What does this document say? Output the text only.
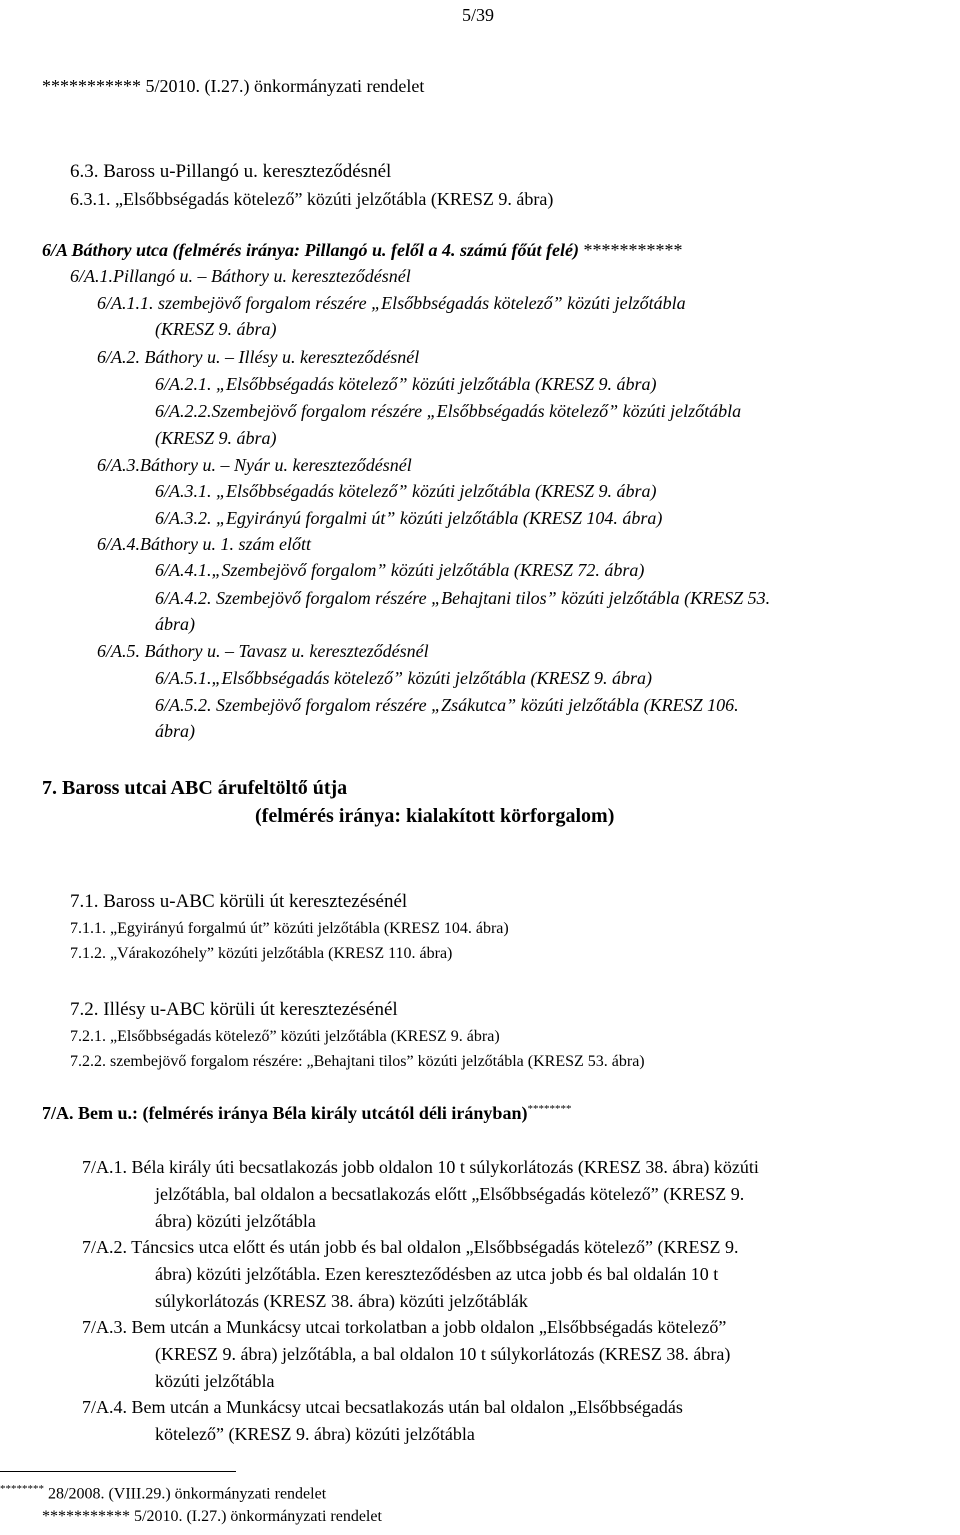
5/39
*********** 5/2010. (I.27.) önkormányzati rendelet
6.3. Baross u-Pillangó u. kereszteződésnél
6.3.1. „Elsőbbségadás kötelező” közúti jelzőtábla (KRESZ 9. ábra)
6/A Báthory utca (felmérés iránya: Pillangó u. felől a 4. számú főút felé) ***********
6/A.1.Pillangó u. – Báthory u. kereszteződésnél
6/A.1.1. szembejövő forgalom részére „Elsőbbségadás kötelező” közúti jelzőtábla
(KRESZ 9. ábra)
6/A.2. Báthory u. – Illésy u. kereszteződésnél
6/A.2.1. „Elsőbbségadás kötelező” közúti jelzőtábla (KRESZ 9. ábra)
6/A.2.2.Szembejövő forgalom részére „Elsőbbségadás kötelező” közúti jelzőtábla
(KRESZ 9. ábra)
6/A.3.Báthory u. – Nyár u. kereszteződésnél
6/A.3.1. „Elsőbbségadás kötelező” közúti jelzőtábla (KRESZ 9. ábra)
6/A.3.2. „Egyirányú forgalmi út” közúti jelzőtábla (KRESZ 104. ábra)
6/A.4.Báthory u. 1. szám előtt
6/A.4.1.„Szembejövő forgalom” közúti jelzőtábla (KRESZ 72. ábra)
6/A.4.2. Szembejövő forgalom részére „Behajtani tilos” közúti jelzőtábla (KRESZ 53.
ábra)
6/A.5. Báthory u. – Tavasz u. kereszteződésnél
6/A.5.1.„Elsőbbségadás kötelező” közúti jelzőtábla (KRESZ 9. ábra)
6/A.5.2. Szembejövő forgalom részére „Zsákutca” közúti jelzőtábla (KRESZ 106.
ábra)
7. Baross utcai ABC árufeltöltő útja
(felmérés iránya: kialakított körforgalom)
7.1. Baross u-ABC körüli út keresztezésénél
7.1.1. „Egyirányú forgalmú út” közúti jelzőtábla (KRESZ 104. ábra)
7.1.2. „Várakozóhely” közúti jelzőtábla (KRESZ 110. ábra)
7.2. Illésy u-ABC körüli út keresztezésénél
7.2.1. „Elsőbbségadás kötelező” közúti jelzőtábla (KRESZ 9. ábra)
7.2.2. szembejövő forgalom részére: „Behajtani tilos” közúti jelzőtábla (KRESZ 53. ábra)
7/A. Bem u.: (felmérés iránya Béla király utcától déli irányban)********
7/A.1. Béla király úti becsatlakozás jobb oldalon 10 t súlykorlátozás (KRESZ 38. ábra) közúti
jelzőtábla, bal oldalon a becsatlakozás előtt „Elsőbbségadás kötelező” (KRESZ 9.
ábra) közúti jelzőtábla
7/A.2. Táncsics utca előtt és után jobb és bal oldalon „Elsőbbségadás kötelező” (KRESZ 9.
ábra) közúti jelzőtábla. Ezen kereszteződésben az utca jobb és bal oldalán 10 t
súlykorlátozás (KRESZ 38. ábra) közúti jelzőtáblák
7/A.3. Bem utcán a Munkácsy utcai torkolatban a jobb oldalon „Elsőbbségadás kötelező”
(KRESZ 9. ábra) jelzőtábla, a bal oldalon 10 t súlykorlátozás (KRESZ 38. ábra)
közúti jelzőtábla
7/A.4. Bem utcán a Munkácsy utcai becsatlakozás után bal oldalon „Elsőbbségadás
kötelező” (KRESZ 9. ábra) közúti jelzőtábla
******** 28/2008. (VIII.29.) önkormányzati rendelet
*********** 5/2010. (I.27.) önkormányzati rendelet
